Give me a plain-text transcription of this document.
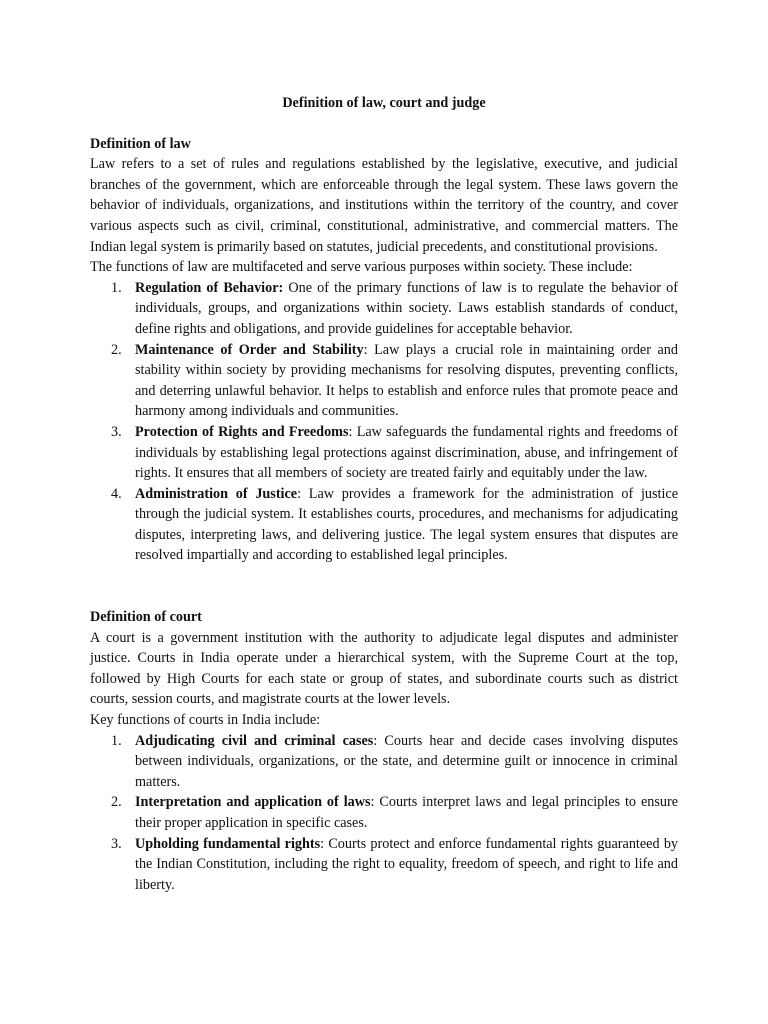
Definition of law, court and judge

Definition of law

Law refers to a set of rules and regulations established by the legislative, executive, and judicial branches of the government, which are enforceable through the legal system. These laws govern the behavior of individuals, organizations, and institutions within the territory of the country, and cover various aspects such as civil, criminal, constitutional, administrative, and commercial matters. The Indian legal system is primarily based on statutes, judicial precedents, and constitutional provisions.

The functions of law are multifaceted and serve various purposes within society. These include:

1. Regulation of Behavior: One of the primary functions of law is to regulate the behavior of individuals, groups, and organizations within society. Laws establish standards of conduct, define rights and obligations, and provide guidelines for acceptable behavior.
2. Maintenance of Order and Stability: Law plays a crucial role in maintaining order and stability within society by providing mechanisms for resolving disputes, preventing conflicts, and deterring unlawful behavior. It helps to establish and enforce rules that promote peace and harmony among individuals and communities.
3. Protection of Rights and Freedoms: Law safeguards the fundamental rights and freedoms of individuals by establishing legal protections against discrimination, abuse, and infringement of rights. It ensures that all members of society are treated fairly and equitably under the law.
4. Administration of Justice: Law provides a framework for the administration of justice through the judicial system. It establishes courts, procedures, and mechanisms for adjudicating disputes, interpreting laws, and delivering justice. The legal system ensures that disputes are resolved impartially and according to established legal principles.

Definition of court

A court is a government institution with the authority to adjudicate legal disputes and administer justice. Courts in India operate under a hierarchical system, with the Supreme Court at the top, followed by High Courts for each state or group of states, and subordinate courts such as district courts, session courts, and magistrate courts at the lower levels.

Key functions of courts in India include:

1. Adjudicating civil and criminal cases: Courts hear and decide cases involving disputes between individuals, organizations, or the state, and determine guilt or innocence in criminal matters.
2. Interpretation and application of laws: Courts interpret laws and legal principles to ensure their proper application in specific cases.
3. Upholding fundamental rights: Courts protect and enforce fundamental rights guaranteed by the Indian Constitution, including the right to equality, freedom of speech, and right to life and liberty.
